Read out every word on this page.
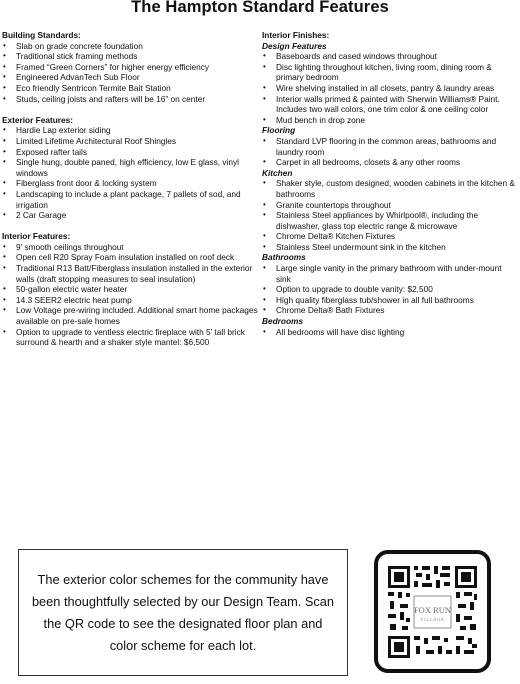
The Hampton Standard Features
Building Standards:
• Slab on grade concrete foundation
• Traditional stick framing methods
• Framed “Green Corners” for higher energy efficiency
• Engineered AdvanTech Sub Floor
• Eco friendly Sentricon Termite Bait Station
• Studs, ceiling joists and rafters will be 16” on center
Exterior Features:
• Hardie Lap exterior siding
• Limited Lifetime Architectural Roof Shingles
• Exposed rafter tails
• Single hung, double paned, high efficiency, low E glass, vinyl windows
• Fiberglass front door & locking system
• Landscaping to include a plant package, 7 pallets of sod, and irrigation
• 2 Car Garage
Interior Features:
• 9’ smooth ceilings throughout
• Open cell R20 Spray Foam insulation installed on roof deck
• Traditional R13 Batt/Fiberglass insulation installed in the exterior walls (draft stopping measures to seal insulation)
• 50-gallon electric water heater
• 14.3 SEER2 electric heat pump
• Low Voltage pre-wiring included. Additional smart home packages available on pre-sale homes
• Option to upgrade to ventless electric fireplace with 5’ tall brick surround & hearth and a shaker style mantel: $6,500
Interior Finishes:
Design Features
• Baseboards and cased windows throughout
• Disc lighting throughout kitchen, living room, dining room & primary bedroom
• Wire shelving installed in all closets, pantry & laundry areas
• Interior walls primed & painted with Sherwin Williams® Paint. Includes two wall colors, one trim color & one ceiling color
• Mud bench in drop zone
Flooring
• Standard LVP flooring in the common areas, bathrooms and laundry room
• Carpet in all bedrooms, closets & any other rooms
Kitchen
• Shaker style, custom designed, wooden cabinets in the kitchen & bathrooms
• Granite countertops throughout
• Stainless Steel appliances by Whirlpool®, including the dishwasher, glass top electric range & microwave
• Chrome Delta® Kitchen Fixtures
• Stainless Steel undermount sink in the kitchen
Bathrooms
• Large single vanity in the primary bathroom with under-mount sink
• Option to upgrade to double vanity: $2,500
• High quality fiberglass tub/shower in all full bathrooms
• Chrome Delta® Bath Fixtures
Bedrooms
• All bedrooms will have disc lighting
The exterior color schemes for the community have been thoughtfully selected by our Design Team. Scan the QR code to see the designated floor plan and color scheme for each lot.
FOX RUN
VILLAGE
